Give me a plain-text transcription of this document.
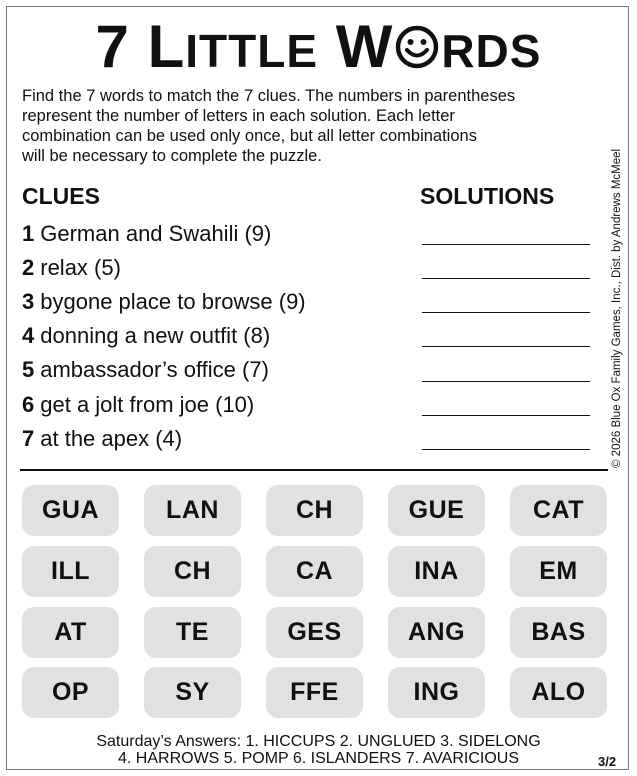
7 LITTLE W RDS
Find the 7 words to match the 7 clues. The numbers in parentheses
represent the number of letters in each solution. Each letter
combination can be used only once, but all letter combinations
will be necessary to complete the puzzle.	© 2026 Blue Ox Family Games, Inc., Dist. by Andrews McMeel
CLUES	SOLUTIONS
1 German and Swahili (9)
2 relax (5)
3 bygone place to browse (9)
4 donning a new outfit (8)
5 ambassador’s office (7)
6 get a jolt from joe (10)
7 at the apex (4)
GUA	LAN	CH	GUE	CAT
ILL	CH	CA	INA	EM
AT	TE	GES	ANG	BAS
OP	SY	FFE	ING	ALO
Saturday’s Answers: 1. HICCUPS 2. UNGLUED 3. SIDELONG
4. HARROWS 5. POMP 6. ISLANDERS 7. AVARICIOUS	3/2
